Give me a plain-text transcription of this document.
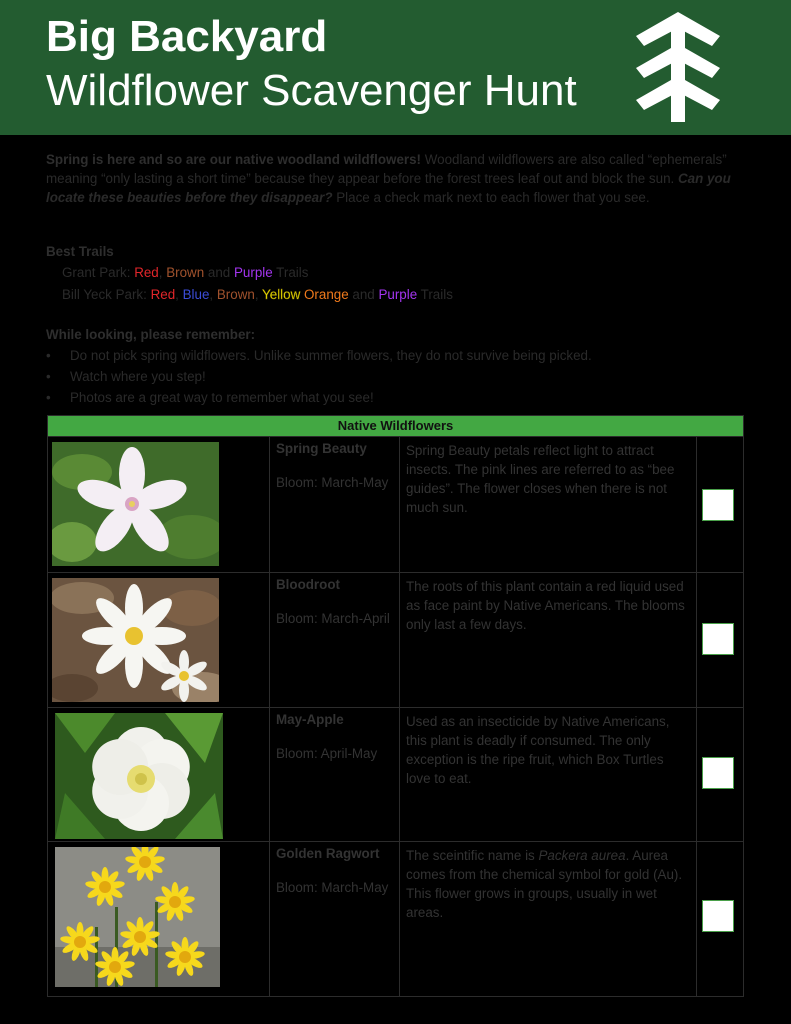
Big Backyard
Wildflower Scavenger Hunt
Spring is here and so are our native woodland wildflowers! Woodland wildflowers are also called “ephemerals” meaning “only lasting a short time” because they appear before the forest trees leaf out and block the sun. Can you locate these beauties before they disappear? Place a check mark next to each flower that you see.
Best Trails
Grant Park: Red, Brown and Purple Trails
Bill Yeck Park: Red, Blue, Brown, Yellow Orange and Purple Trails
While looking, please remember:
• Do not pick spring wildflowers. Unlike summer flowers, they do not survive being picked.
• Watch where you step!
• Photos are a great way to remember what you see!
Native Wildflowers
Spring Beauty
Bloom: March-May
Spring Beauty petals reflect light to attract insects. The pink lines are referred to as “bee guides”. The flower closes when there is not much sun.
Bloodroot
Bloom: March-April
The roots of this plant contain a red liquid used as face paint by Native Americans. The blooms only last a few days.
May-Apple
Bloom: April-May
Used as an insecticide by Native Americans, this plant is deadly if consumed. The only exception is the ripe fruit, which Box Turtles love to eat.
Golden Ragwort
Bloom: March-May
The sceintific name is Packera aurea. Aurea comes from the chemical symbol for gold (Au). This flower grows in groups, usually in wet areas.
